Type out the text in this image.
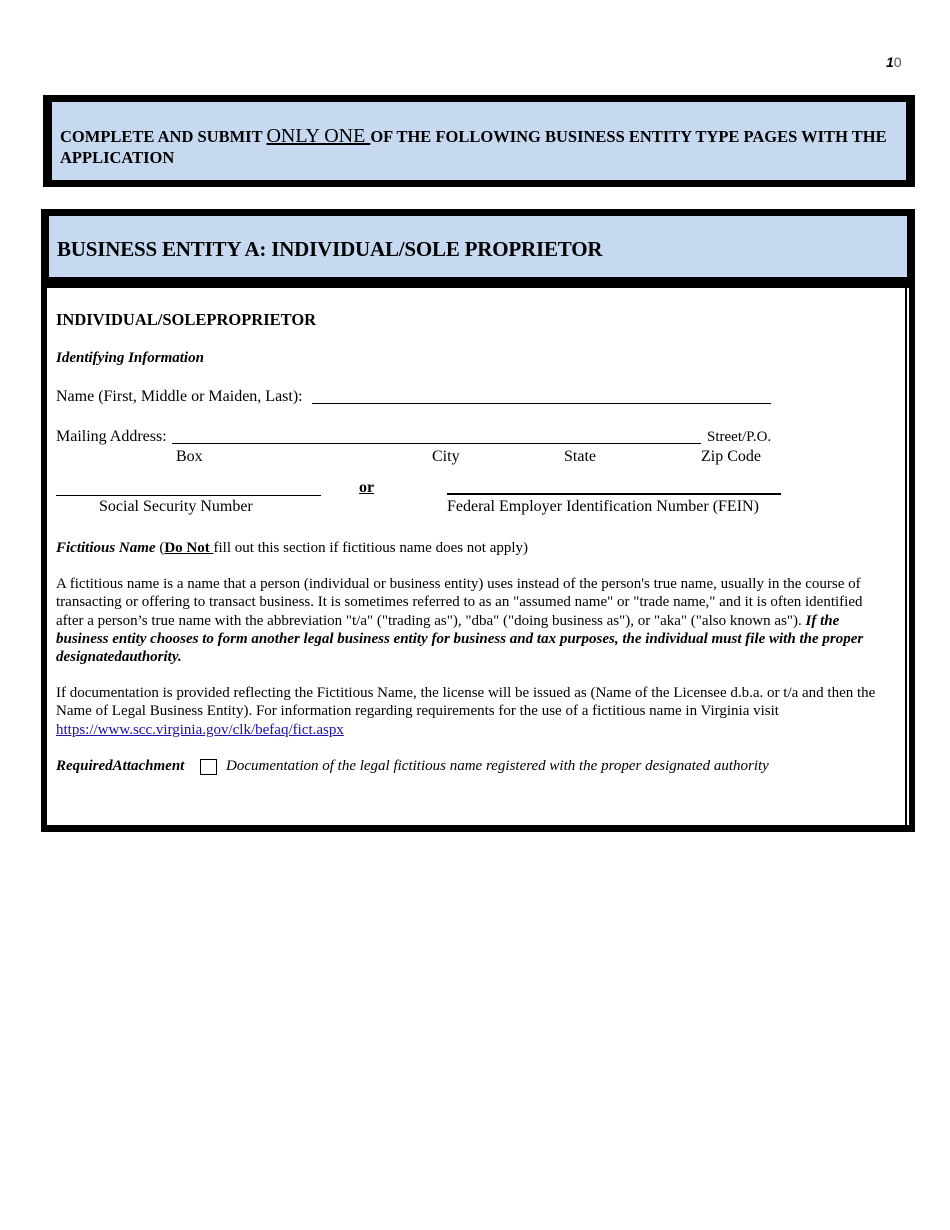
10
COMPLETE AND SUBMIT ONLY ONE OF THE FOLLOWING BUSINESS ENTITY TYPE PAGES WITH THE APPLICATION
BUSINESS ENTITY A: INDIVIDUAL/SOLE PROPRIETOR
INDIVIDUAL/SOLEPROPRIETOR
Identifying Information
Name (First, Middle or Maiden, Last):
Mailing Address:	Street/P.O.
Box	City	State	Zip Code
or
Social Security Number	Federal Employer Identification Number (FEIN)
Fictitious Name (Do Not fill out this section if fictitious name does not apply)
A fictitious name is a name that a person (individual or business entity) uses instead of the person's true name, usually in the course of transacting or offering to transact business. It is sometimes referred to as an "assumed name" or "trade name," and it is often identified after a person’s true name with the abbreviation "t/a" ("trading as"), "dba" ("doing business as"), or "aka" ("also known as"). If the business entity chooses to form another legal business entity for business and tax purposes, the individual must file with the proper designatedauthority.
If documentation is provided reflecting the Fictitious Name, the license will be issued as (Name of the Licensee d.b.a. or t/a and then the Name of Legal Business Entity). For information regarding requirements for the use of a fictitious name in Virginia visit https://www.scc.virginia.gov/clk/befaq/fict.aspx
RequiredAttachment	Documentation of the legal fictitious name registered with the proper designated authority
